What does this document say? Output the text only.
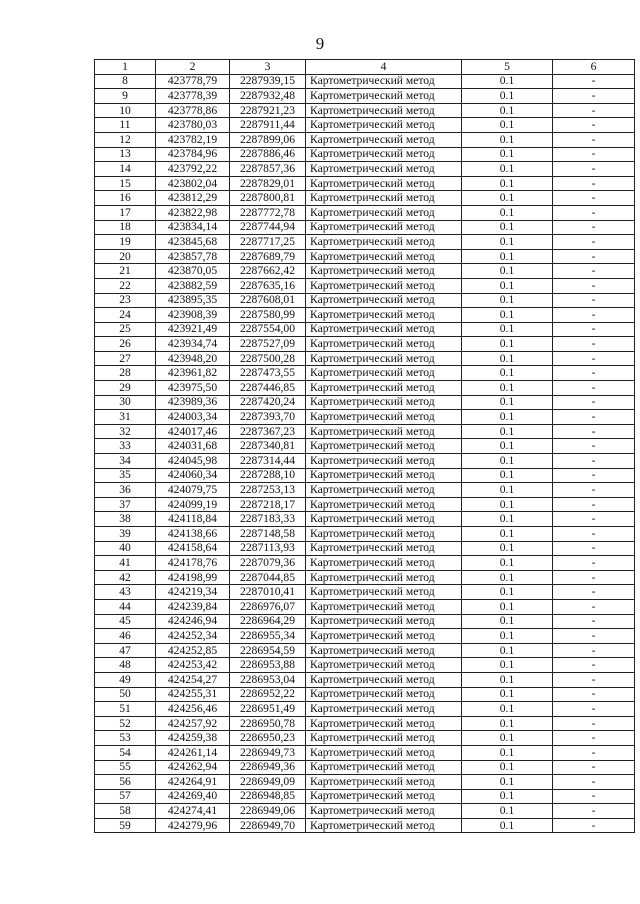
9
1	2	3	4	5	6
8	423778,79	2287939,15	Картометрический метод	0.1	-
9	423778,39	2287932,48	Картометрический метод	0.1	-
10	423778,86	2287921,23	Картометрический метод	0.1	-
11	423780,03	2287911,44	Картометрический метод	0.1	-
12	423782,19	2287899,06	Картометрический метод	0.1	-
13	423784,96	2287886,46	Картометрический метод	0.1	-
14	423792,22	2287857,36	Картометрический метод	0.1	-
15	423802,04	2287829,01	Картометрический метод	0.1	-
16	423812,29	2287800,81	Картометрический метод	0.1	-
17	423822,98	2287772,78	Картометрический метод	0.1	-
18	423834,14	2287744,94	Картометрический метод	0.1	-
19	423845,68	2287717,25	Картометрический метод	0.1	-
20	423857,78	2287689,79	Картометрический метод	0.1	-
21	423870,05	2287662,42	Картометрический метод	0.1	-
22	423882,59	2287635,16	Картометрический метод	0.1	-
23	423895,35	2287608,01	Картометрический метод	0.1	-
24	423908,39	2287580,99	Картометрический метод	0.1	-
25	423921,49	2287554,00	Картометрический метод	0.1	-
26	423934,74	2287527,09	Картометрический метод	0.1	-
27	423948,20	2287500,28	Картометрический метод	0.1	-
28	423961,82	2287473,55	Картометрический метод	0.1	-
29	423975,50	2287446,85	Картометрический метод	0.1	-
30	423989,36	2287420,24	Картометрический метод	0.1	-
31	424003,34	2287393,70	Картометрический метод	0.1	-
32	424017,46	2287367,23	Картометрический метод	0.1	-
33	424031,68	2287340,81	Картометрический метод	0.1	-
34	424045,98	2287314,44	Картометрический метод	0.1	-
35	424060,34	2287288,10	Картометрический метод	0.1	-
36	424079,75	2287253,13	Картометрический метод	0.1	-
37	424099,19	2287218,17	Картометрический метод	0.1	-
38	424118,84	2287183,33	Картометрический метод	0.1	-
39	424138,66	2287148,58	Картометрический метод	0.1	-
40	424158,64	2287113,93	Картометрический метод	0.1	-
41	424178,76	2287079,36	Картометрический метод	0.1	-
42	424198,99	2287044,85	Картометрический метод	0.1	-
43	424219,34	2287010,41	Картометрический метод	0.1	-
44	424239,84	2286976,07	Картометрический метод	0.1	-
45	424246,94	2286964,29	Картометрический метод	0.1	-
46	424252,34	2286955,34	Картометрический метод	0.1	-
47	424252,85	2286954,59	Картометрический метод	0.1	-
48	424253,42	2286953,88	Картометрический метод	0.1	-
49	424254,27	2286953,04	Картометрический метод	0.1	-
50	424255,31	2286952,22	Картометрический метод	0.1	-
51	424256,46	2286951,49	Картометрический метод	0.1	-
52	424257,92	2286950,78	Картометрический метод	0.1	-
53	424259,38	2286950,23	Картометрический метод	0.1	-
54	424261,14	2286949,73	Картометрический метод	0.1	-
55	424262,94	2286949,36	Картометрический метод	0.1	-
56	424264,91	2286949,09	Картометрический метод	0.1	-
57	424269,40	2286948,85	Картометрический метод	0.1	-
58	424274,41	2286949,06	Картометрический метод	0.1	-
59	424279,96	2286949,70	Картометрический метод	0.1	-
